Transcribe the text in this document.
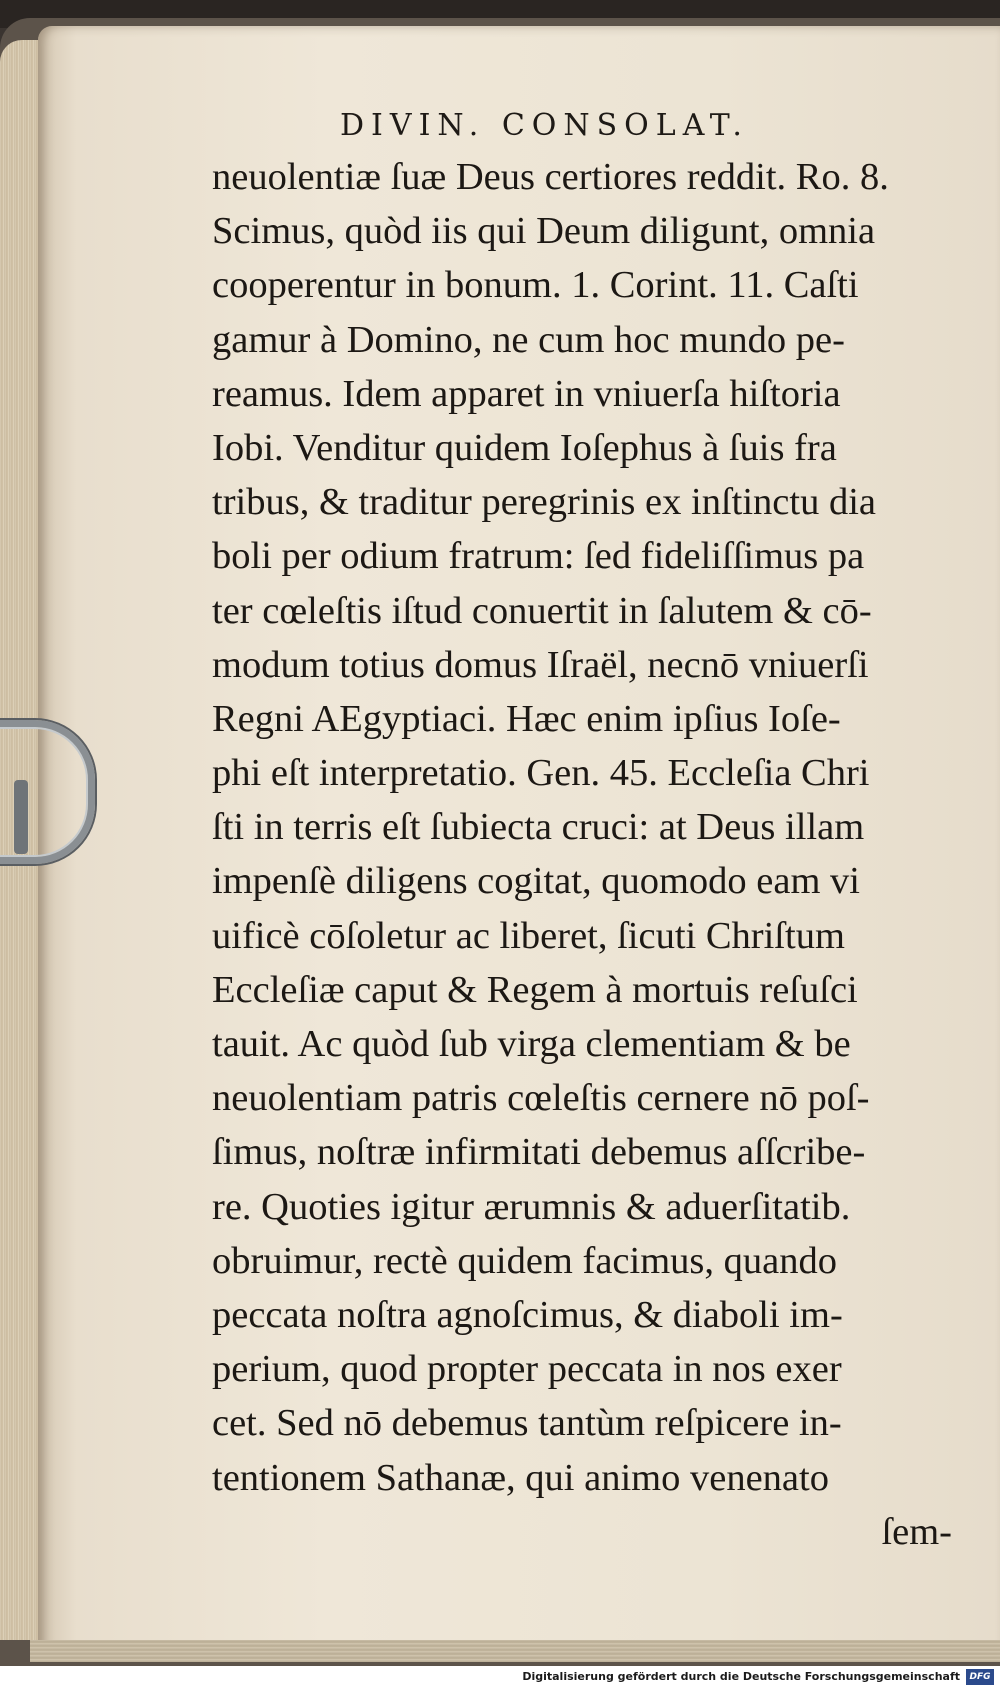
DIVIN. CONSOLAT.
neuolentiæ ſuæ Deus certiores reddit. Ro. 8.
Scimus, quòd iis qui Deum diligunt, omnia
cooperentur in bonum. 1. Corint. 11. Caſti
gamur à Domino, ne cum hoc mundo pe-
reamus. Idem apparet in vniuerſa hiſtoria
Iobi. Venditur quidem Ioſephus à ſuis fra
tribus, & traditur peregrinis ex inſtinctu dia
boli per odium fratrum: ſed fideliſſimus pa
ter cœleſtis iſtud conuertit in ſalutem & cō-
modum totius domus Iſraël, necnō vniuerſi
Regni AEgyptiaci. Hæc enim ipſius Ioſe-
phi eſt interpretatio. Gen. 45. Eccleſia Chri
ſti in terris eſt ſubiecta cruci: at Deus illam
impenſè diligens cogitat, quomodo eam vi
uificè cōſoletur ac liberet, ſicuti Chriſtum
Eccleſiæ caput & Regem à mortuis reſuſci
tauit. Ac quòd ſub virga clementiam & be
neuolentiam patris cœleſtis cernere nō poſ-
ſimus, noſtræ infirmitati debemus aſſcribe-
re. Quoties igitur ærumnis & aduerſitatib.
obruimur, rectè quidem facimus, quando
peccata noſtra agnoſcimus, & diaboli im-
perium, quod propter peccata in nos exer
cet. Sed nō debemus tantùm reſpicere in-
tentionem Sathanæ, qui animo venenato
ſem-
Digitalisierung gefördert durch die Deutsche Forschungsgemeinschaft	DFG
